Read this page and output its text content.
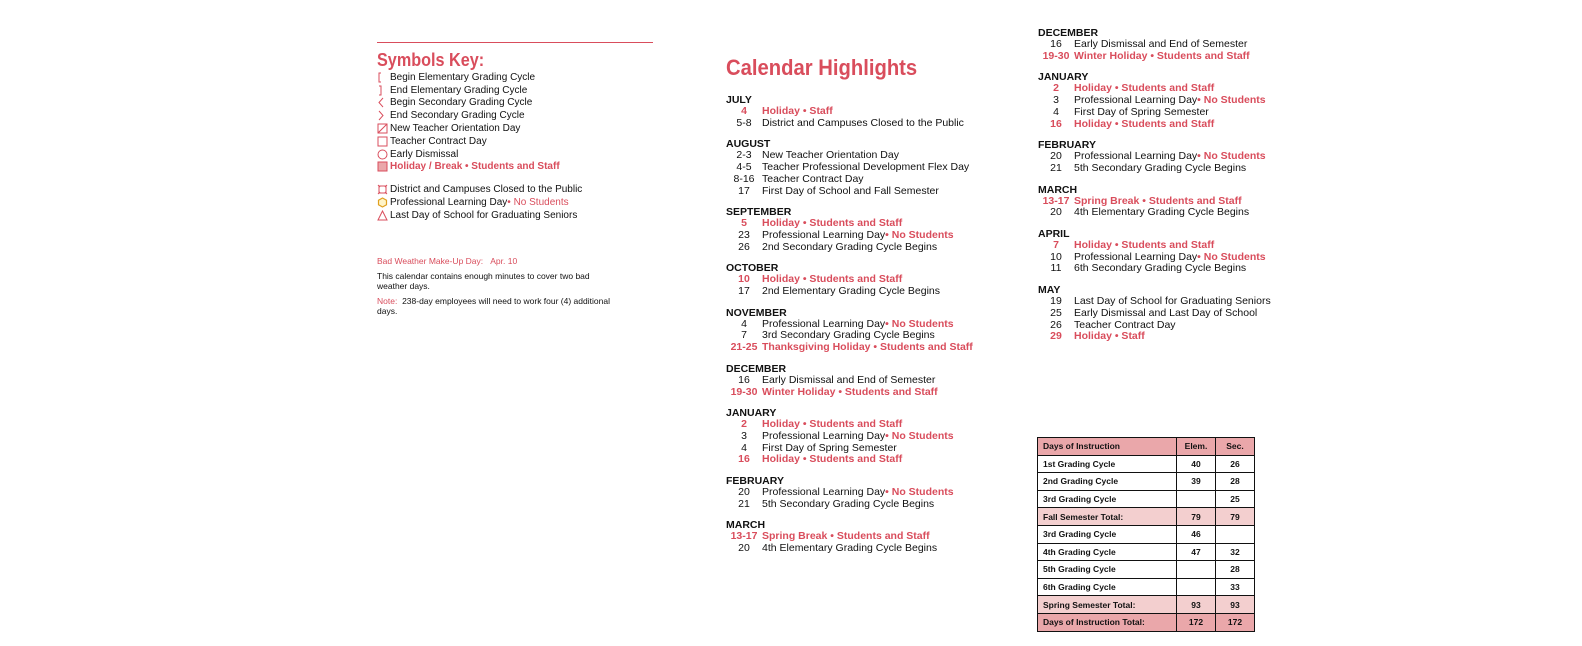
Symbols Key:
Begin Elementary Grading Cycle
End Elementary Grading Cycle
Begin Secondary Grading Cycle
End Secondary Grading Cycle
New Teacher Orientation Day
Teacher Contract Day
Early Dismissal
Holiday / Break • Students and Staff
District and Campuses Closed to the Public
Professional Learning Day • No Students
Last Day of School for Graduating Seniors

Bad Weather Make-Up Day: Apr. 10

This calendar contains enough minutes to cover two bad weather days.

Note: 238-day employees will need to work four (4) additional days.

Calendar Highlights
JULY
4	Holiday • Staff
5-8 District and Campuses Closed to the Public
AUGUST
2-3 New Teacher Orientation Day
4-5 Teacher Professional Development Flex Day
8-16 Teacher Contract Day
17	First Day of School and Fall Semester
SEPTEMBER
5	Holiday • Students and Staff
23	Professional Learning Day • No Students
26	2nd Secondary Grading Cycle Begins
OCTOBER
10	Holiday • Students and Staff
17	2nd Elementary Grading Cycle Begins
NOVEMBER
4	Professional Learning Day • No Students
7	3rd Secondary Grading Cycle Begins
21-25 Thanksgiving Holiday • Students and Staff
DECEMBER
16	Early Dismissal and End of Semester
19-30 Winter Holiday • Students and Staff
JANUARY
2	Holiday • Students and Staff
3	Professional Learning Day • No Students
4	First Day of Spring Semester
16	Holiday • Students and Staff
FEBRUARY
20	Professional Learning Day • No Students
21	5th Secondary Grading Cycle Begins
MARCH
13-17 Spring Break • Students and Staff
20	4th Elementary Grading Cycle Begins
DECEMBER
16	Early Dismissal and End of Semester
19-30 Winter Holiday • Students and Staff
JANUARY
2	Holiday • Students and Staff
3	Professional Learning Day • No Students
4	First Day of Spring Semester
16	Holiday • Students and Staff
FEBRUARY
20	Professional Learning Day • No Students
21	5th Secondary Grading Cycle Begins
MARCH
13-17 Spring Break • Students and Staff
20	4th Elementary Grading Cycle Begins
APRIL
7	Holiday • Students and Staff
10	Professional Learning Day • No Students
11	6th Secondary Grading Cycle Begins
MAY
19	Last Day of School for Graduating Seniors
25	Early Dismissal and Last Day of School
26	Teacher Contract Day
29	Holiday • Staff
Days of Instruction	Elem.	Sec.
1st Grading Cycle	40	26
2nd Grading Cycle	39	28
3rd Grading Cycle		25
Fall Semester Total:	79	79
3rd Grading Cycle	46	
4th Grading Cycle	47	32
5th Grading Cycle		28
6th Grading Cycle		33
Spring Semester Total:	93	93
Days of Instruction Total:	172	172
